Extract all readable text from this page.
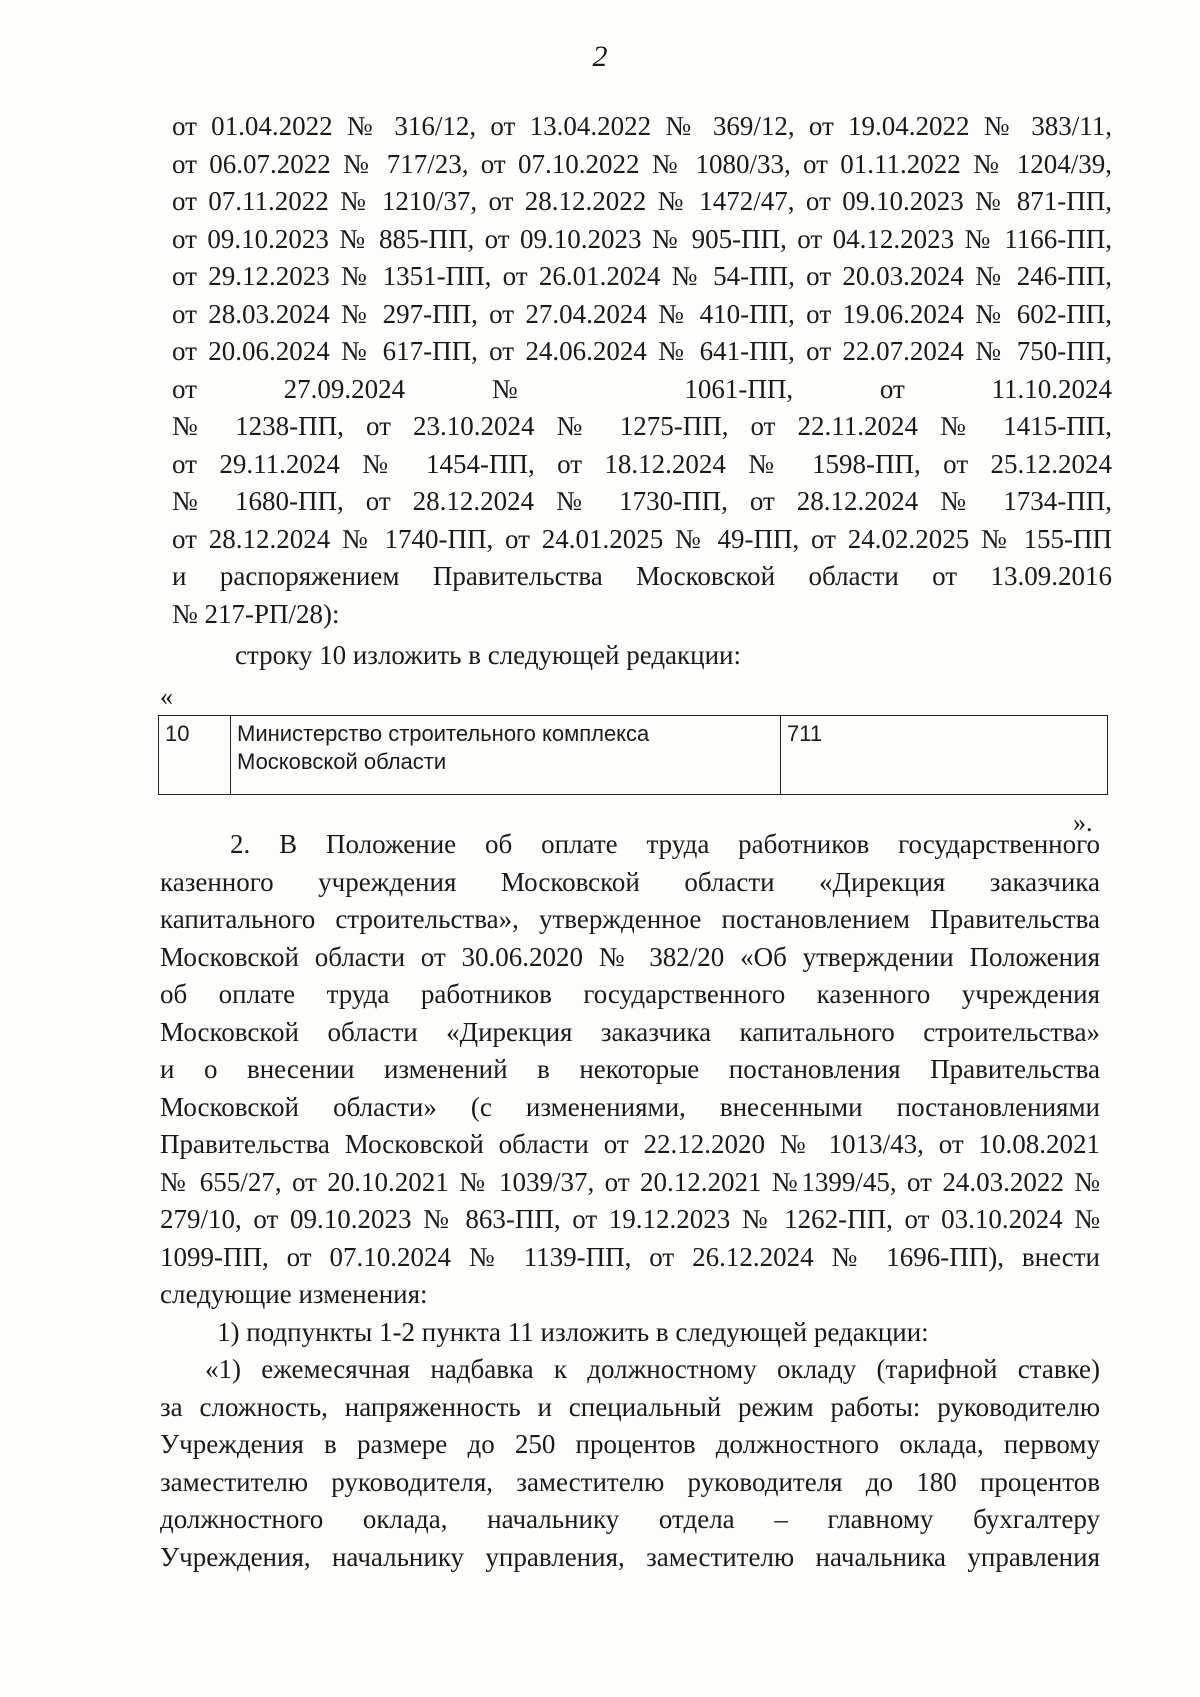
2
от 01.04.2022 № 316/12, от 13.04.2022 № 369/12, от 19.04.2022 № 383/11,
от 06.07.2022 № 717/23, от 07.10.2022 № 1080/33, от 01.11.2022 № 1204/39,
от 07.11.2022 № 1210/37, от 28.12.2022 № 1472/47, от 09.10.2023 № 871-ПП,
от 09.10.2023 № 885-ПП, от 09.10.2023 № 905-ПП, от 04.12.2023 № 1166-ПП,
от 29.12.2023 № 1351-ПП, от 26.01.2024 № 54-ПП, от 20.03.2024 № 246-ПП,
от 28.03.2024 № 297-ПП, от 27.04.2024 № 410-ПП, от 19.06.2024 № 602-ПП,
от 20.06.2024 № 617-ПП, от 24.06.2024 № 641-ПП, от 22.07.2024 № 750-ПП,
от 27.09.2024 № 1061-ПП, от 11.10.2024
№ 1238-ПП, от 23.10.2024 № 1275-ПП, от 22.11.2024 № 1415-ПП,
от 29.11.2024 № 1454-ПП, от 18.12.2024 № 1598-ПП, от 25.12.2024
№ 1680-ПП, от 28.12.2024 № 1730-ПП, от 28.12.2024 № 1734-ПП,
от 28.12.2024 № 1740-ПП, от 24.01.2025 № 49-ПП, от 24.02.2025 № 155-ПП
и распоряжением Правительства Московской области от 13.09.2016
№ 217-РП/28):
строку 10 изложить в следующей редакции:
«
10	Министерство строительного комплекса
Московской области
711
».
2. В Положение об оплате труда работников государственного
казенного учреждения Московской области «Дирекция заказчика
капитального строительства», утвержденное постановлением Правительства
Московской области от 30.06.2020 № 382/20 «Об утверждении Положения
об оплате труда работников государственного казенного учреждения
Московской области «Дирекция заказчика капитального строительства»
и о внесении изменений в некоторые постановления Правительства
Московской области» (с изменениями, внесенными постановлениями
Правительства Московской области от 22.12.2020 № 1013/43, от 10.08.2021
№ 655/27, от 20.10.2021 № 1039/37, от 20.12.2021 №1399/45, от 24.03.2022 №
279/10, от 09.10.2023 № 863-ПП, от 19.12.2023 № 1262-ПП, от 03.10.2024 №
1099-ПП, от 07.10.2024 № 1139-ПП, от 26.12.2024 № 1696-ПП), внести
следующие изменения:
1) подпункты 1-2 пункта 11 изложить в следующей редакции:
«1) ежемесячная надбавка к должностному окладу (тарифной ставке)
за сложность, напряженность и специальный режим работы: руководителю
Учреждения в размере до 250 процентов должностного оклада, первому
заместителю руководителя, заместителю руководителя до 180 процентов
должностного оклада, начальнику отдела – главному бухгалтеру
Учреждения, начальнику управления, заместителю начальника управления
